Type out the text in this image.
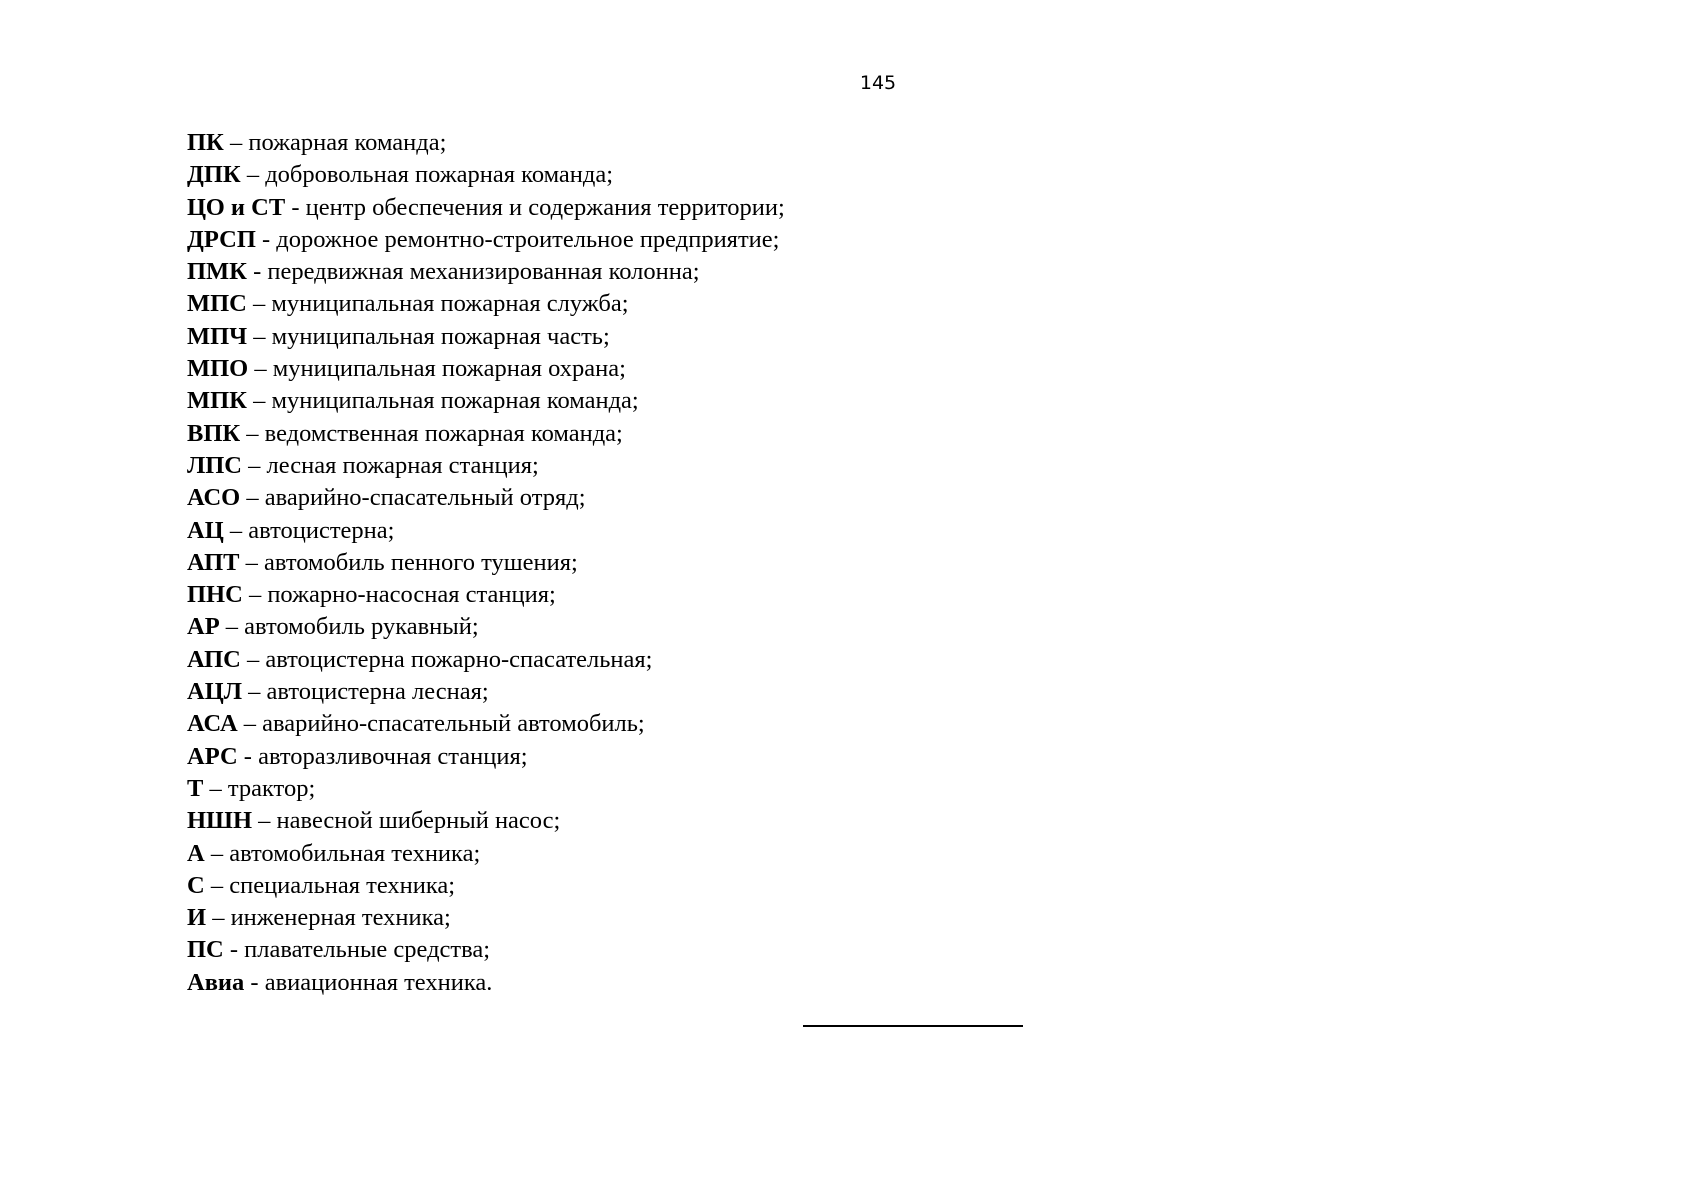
145
ПК – пожарная команда;
ДПК – добровольная пожарная команда;
ЦО и СТ - центр обеспечения и содержания территории;
ДРСП - дорожное ремонтно-строительное предприятие;
ПМК - передвижная механизированная колонна;
МПС – муниципальная пожарная служба;
МПЧ – муниципальная пожарная часть;
МПО – муниципальная пожарная охрана;
МПК – муниципальная пожарная команда;
ВПК – ведомственная пожарная команда;
ЛПС – лесная пожарная станция;
АСО – аварийно-спасательный отряд;
АЦ – автоцистерна;
АПТ – автомобиль пенного тушения;
ПНС – пожарно-насосная станция;
АР – автомобиль рукавный;
АПС – автоцистерна пожарно-спасательная;
АЦЛ – автоцистерна лесная;
АСА – аварийно-спасательный автомобиль;
АРС - авторазливочная станция;
Т – трактор;
НШН – навесной шиберный насос;
А – автомобильная техника;
С – специальная техника;
И – инженерная техника;
ПС - плавательные средства;
Авиа - авиационная техника.
